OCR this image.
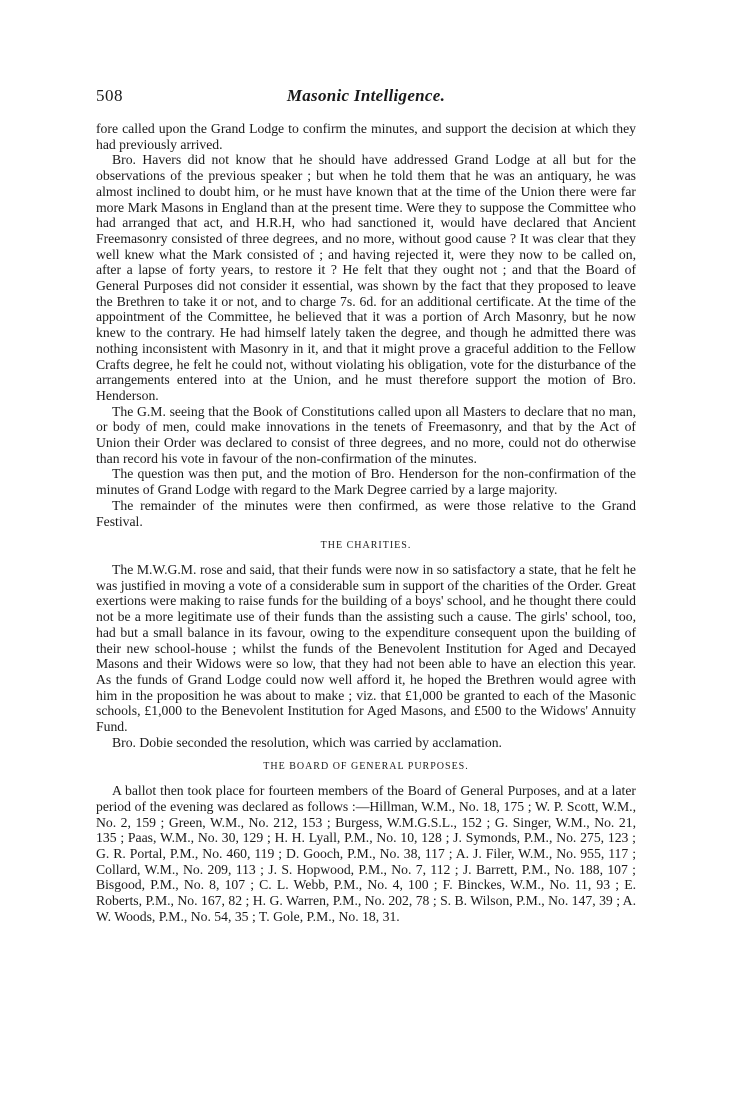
508	Masonic Intelligence.

fore called upon the Grand Lodge to confirm the minutes, and support the decision at which they had previously arrived.

Bro. Havers did not know that he should have addressed Grand Lodge at all but for the observations of the previous speaker ; but when he told them that he was an antiquary, he was almost inclined to doubt him, or he must have known that at the time of the Union there were far more Mark Masons in England than at the present time. Were they to suppose the Committee who had arranged that act, and H.R.H, who had sanctioned it, would have declared that Ancient Freemasonry consisted of three degrees, and no more, without good cause ? It was clear that they well knew what the Mark consisted of ; and having rejected it, were they now to be called on, after a lapse of forty years, to restore it ? He felt that they ought not ; and that the Board of General Purposes did not consider it essential, was shown by the fact that they proposed to leave the Brethren to take it or not, and to charge 7s. 6d. for an additional certificate. At the time of the appointment of the Committee, he believed that it was a portion of Arch Masonry, but he now knew to the contrary. He had himself lately taken the degree, and though he admitted there was nothing inconsistent with Masonry in it, and that it might prove a graceful addition to the Fellow Crafts degree, he felt he could not, without violating his obligation, vote for the disturbance of the arrangements entered into at the Union, and he must therefore support the motion of Bro. Henderson.

The G.M. seeing that the Book of Constitutions called upon all Masters to declare that no man, or body of men, could make innovations in the tenets of Freemasonry, and that by the Act of Union their Order was declared to consist of three degrees, and no more, could not do otherwise than record his vote in favour of the non-confirmation of the minutes.

The question was then put, and the motion of Bro. Henderson for the non-confirmation of the minutes of Grand Lodge with regard to the Mark Degree carried by a large majority.

The remainder of the minutes were then confirmed, as were those relative to the Grand Festival.

THE CHARITIES.

The M.W.G.M. rose and said, that their funds were now in so satisfactory a state, that he felt he was justified in moving a vote of a considerable sum in support of the charities of the Order. Great exertions were making to raise funds for the building of a boys' school, and he thought there could not be a more legitimate use of their funds than the assisting such a cause. The girls' school, too, had but a small balance in its favour, owing to the expenditure consequent upon the building of their new school-house ; whilst the funds of the Benevolent Institution for Aged and Decayed Masons and their Widows were so low, that they had not been able to have an election this year. As the funds of Grand Lodge could now well afford it, he hoped the Brethren would agree with him in the proposition he was about to make ; viz. that £1,000 be granted to each of the Masonic schools, £1,000 to the Benevolent Institution for Aged Masons, and £500 to the Widows' Annuity Fund.

Bro. Dobie seconded the resolution, which was carried by acclamation.

THE BOARD OF GENERAL PURPOSES.

A ballot then took place for fourteen members of the Board of General Purposes, and at a later period of the evening was declared as follows :—Hillman, W.M., No. 18, 175 ; W. P. Scott, W.M., No. 2, 159 ; Green, W.M., No. 212, 153 ; Burgess, W.M.G.S.L., 152 ; G. Singer, W.M., No. 21, 135 ; Paas, W.M., No. 30, 129 ; H. H. Lyall, P.M., No. 10, 128 ; J. Symonds, P.M., No. 275, 123 ; G. R. Portal, P.M., No. 460, 119 ; D. Gooch, P.M., No. 38, 117 ; A. J. Filer, W.M., No. 955, 117 ; Collard, W.M., No. 209, 113 ; J. S. Hopwood, P.M., No. 7, 112 ; J. Barrett, P.M., No. 188, 107 ; Bisgood, P.M., No. 8, 107 ; C. L. Webb, P.M., No. 4, 100 ; F. Binckes, W.M., No. 11, 93 ; E. Roberts, P.M., No. 167, 82 ; H. G. Warren, P.M., No. 202, 78 ; S. B. Wilson, P.M., No. 147, 39 ; A. W. Woods, P.M., No. 54, 35 ; T. Gole, P.M., No. 18, 31.
